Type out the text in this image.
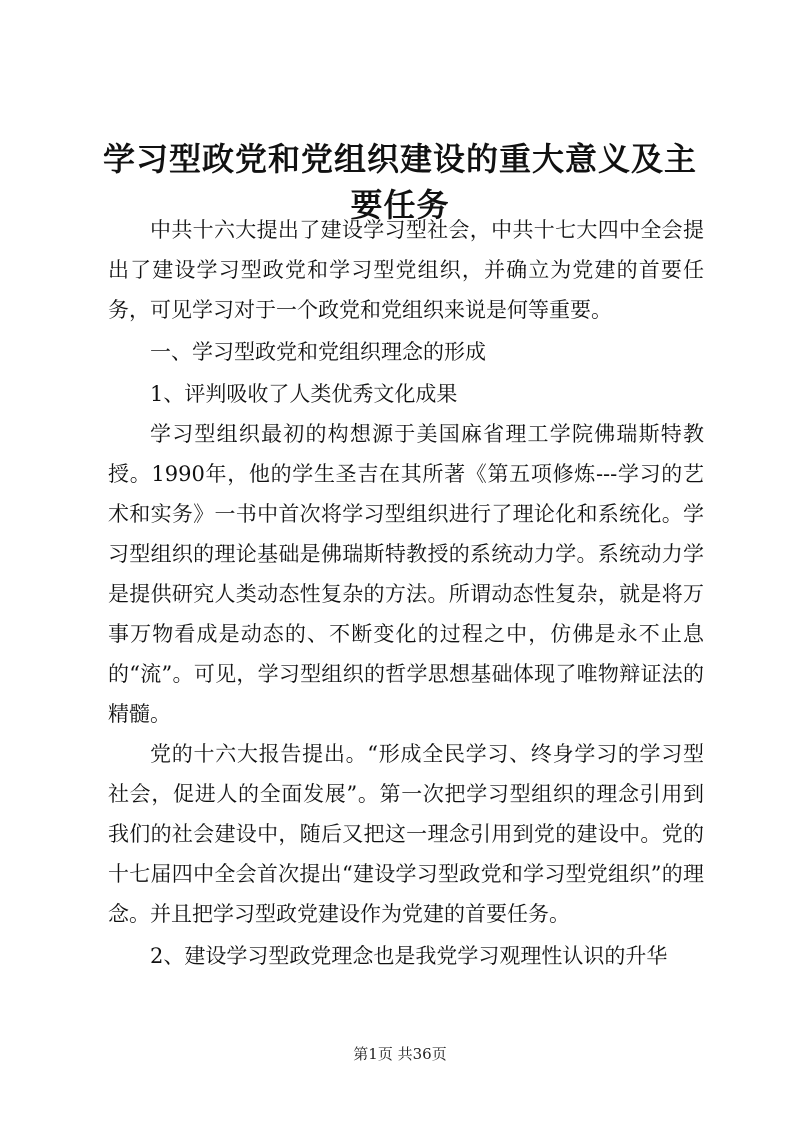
学习型政党和党组织建设的重大意义及主要任务

中共十六大提出了建设学习型社会，中共十七大四中全会提出了建设学习型政党和学习型党组织，并确立为党建的首要任务，可见学习对于一个政党和党组织来说是何等重要。

一、学习型政党和党组织理念的形成

1、评判吸收了人类优秀文化成果

学习型组织最初的构想源于美国麻省理工学院佛瑞斯特教授。1990年，他的学生圣吉在其所著《第五项修炼---学习的艺术和实务》一书中首次将学习型组织进行了理论化和系统化。学习型组织的理论基础是佛瑞斯特教授的系统动力学。系统动力学是提供研究人类动态性复杂的方法。所谓动态性复杂，就是将万事万物看成是动态的、不断变化的过程之中，仿佛是永不止息的“流”。可见，学习型组织的哲学思想基础体现了唯物辩证法的精髓。

党的十六大报告提出。“形成全民学习、终身学习的学习型社会，促进人的全面发展”。第一次把学习型组织的理念引用到我们的社会建设中，随后又把这一理念引用到党的建设中。党的十七届四中全会首次提出“建设学习型政党和学习型党组织”的理念。并且把学习型政党建设作为党建的首要任务。

2、建设学习型政党理念也是我党学习观理性认识的升华

第1页 共36页
